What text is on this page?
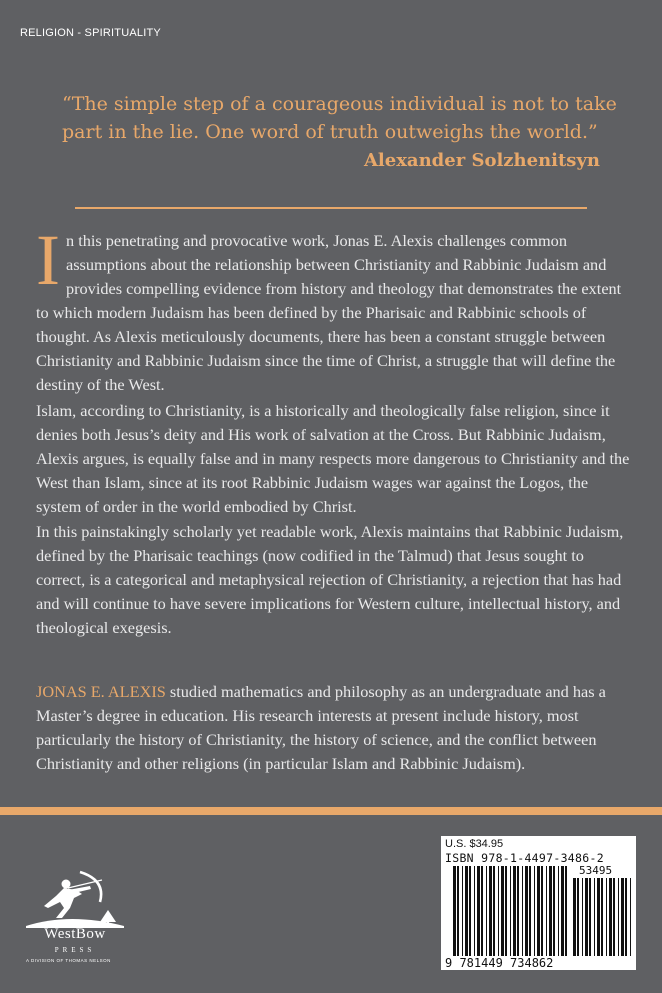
RELIGION - SPIRITUALITY

“The simple step of a courageous individual is not to take part in the lie. One word of truth outweighs the world.”

Alexander Solzhenitsyn

In this penetrating and provocative work, Jonas E. Alexis challenges common assumptions about the relationship between Christianity and Rabbinic Judaism and provides compelling evidence from history and theology that demonstrates the extent to which modern Judaism has been defined by the Pharisaic and Rabbinic schools of thought. As Alexis meticulously documents, there has been a constant struggle between Christianity and Rabbinic Judaism since the time of Christ, a struggle that will define the destiny of the West.

Islam, according to Christianity, is a historically and theologically false religion, since it denies both Jesus’s deity and His work of salvation at the Cross. But Rabbinic Judaism, Alexis argues, is equally false and in many respects more dangerous to Christianity and the West than Islam, since at its root Rabbinic Judaism wages war against the Logos, the system of order in the world embodied by Christ.

In this painstakingly scholarly yet readable work, Alexis maintains that Rabbinic Judaism, defined by the Pharisaic teachings (now codified in the Talmud) that Jesus sought to correct, is a categorical and metaphysical rejection of Christianity, a rejection that has had and will continue to have severe implications for Western culture, intellectual history, and theological exegesis.

JONAS E. ALEXIS studied mathematics and philosophy as an undergraduate and has a Master’s degree in education. His research interests at present include history, most particularly the history of Christianity, the history of science, and the conflict between Christianity and other religions (in particular Islam and Rabbinic Judaism).

WestBow
PRESS
A DIVISION OF THOMAS NELSON
U.S. $34.95
ISBN 978-1-4497-3486-2
53495
9 781449 734862
